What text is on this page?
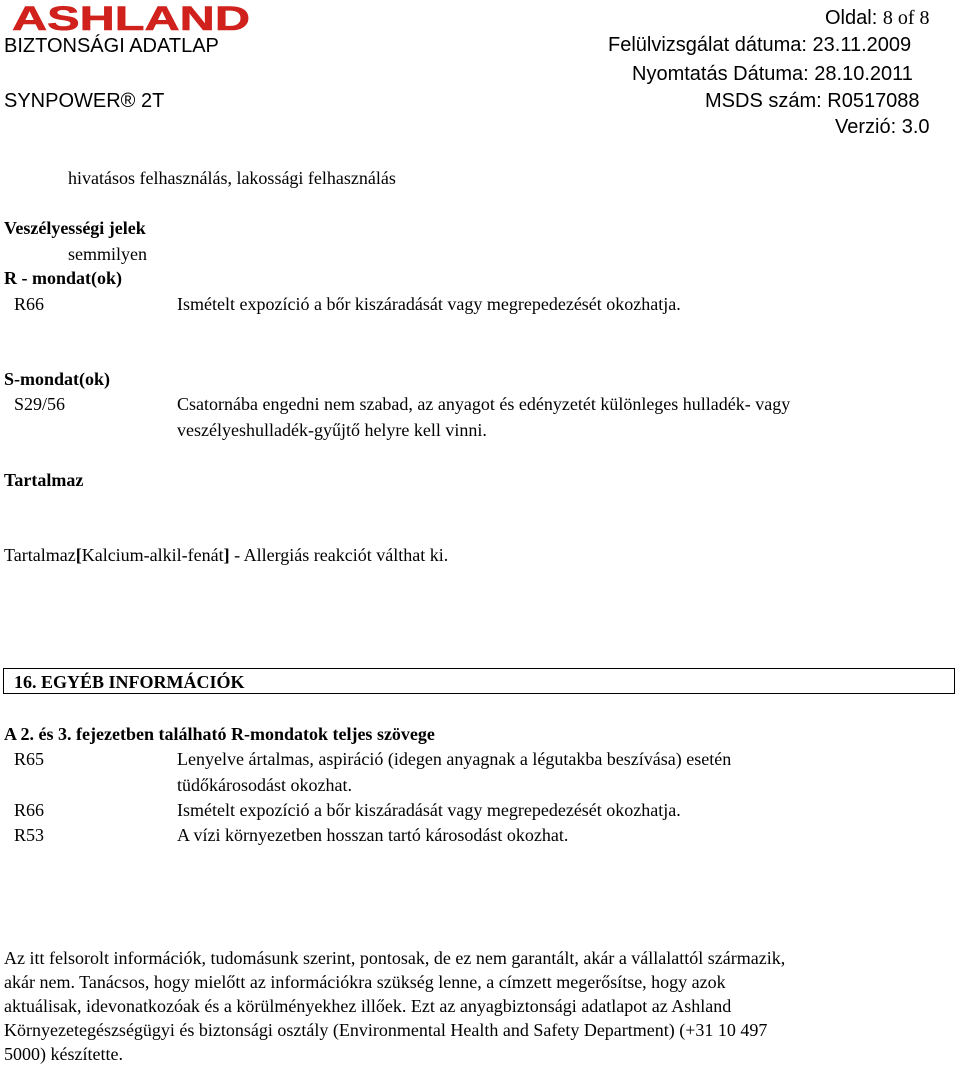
ASHLAND	Oldal: 8 of 8
BIZTONSÁGI ADATLAP	Felülvizsgálat dátuma: 23.11.2009
Nyomtatás Dátuma: 28.10.2011
SYNPOWER® 2T	MSDS szám: R0517088
Verzió: 3.0
hivatásos felhasználás, lakossági felhasználás
Veszélyességi jelek
semmilyen
R - mondat(ok)
R66	Ismételt expozíció a bőr kiszáradását vagy megrepedezését okozhatja.
S-mondat(ok)
S29/56	Csatornába engedni nem szabad, az anyagot és edényzetét különleges hulladék- vagy
veszélyeshulladék-gyűjtő helyre kell vinni.
Tartalmaz
Tartalmaz[Kalcium-alkil-fenát] - Allergiás reakciót válthat ki.
16. EGYÉB INFORMÁCIÓK
A 2. és 3. fejezetben található R-mondatok teljes szövege
R65	Lenyelve ártalmas, aspiráció (idegen anyagnak a légutakba beszívása) esetén
tüdőkárosodást okozhat.
R66	Ismételt expozíció a bőr kiszáradását vagy megrepedezését okozhatja.
R53	A vízi környezetben hosszan tartó károsodást okozhat.
Az itt felsorolt információk, tudomásunk szerint, pontosak, de ez nem garantált, akár a vállalattól származik,
akár nem. Tanácsos, hogy mielőtt az információkra szükség lenne, a címzett megerősítse, hogy azok
aktuálisak, idevonatkozóak és a körülményekhez illőek. Ezt az anyagbiztonsági adatlapot az Ashland
Környezetegészségügyi és biztonsági osztály (Environmental Health and Safety Department) (+31 10 497
5000) készítette.
